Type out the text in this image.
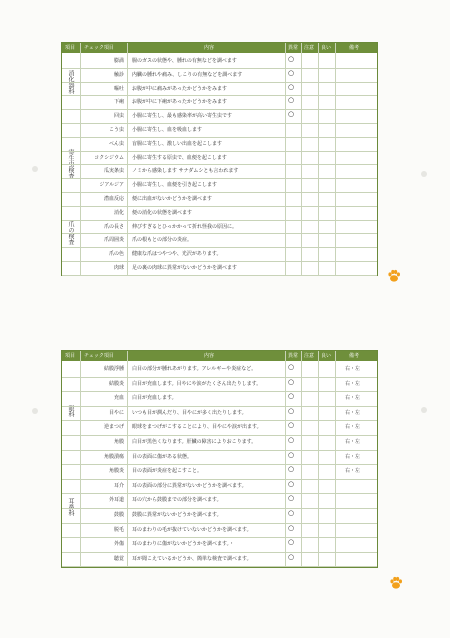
項目 チェック項目	内容	異常 注意 良い	備考
消化器科
寄生虫検査
爪の検査
膨満 腸のガスの状態や、腫れの有無などを調べます	○
触診 内臓の腫れや痛み、しこりの有無などを調べます	○
嘔吐 お腹が中に痛みがあったかどうかをみます	○
下痢 お腹が中に下痢があったかどうかをみます	○
回虫 小腸に寄生し、最も感染率が高い寄生虫です	○
こう虫 小腸に寄生し、血を吸血します
べん虫 盲腸に寄生し、激しい出血を起こします
コクシジウム 小腸に寄生する原虫で、血便を起こします
瓜実条虫 ノミから感染します サナダムシとも言われます
ジアルジア 小腸に寄生し、血便を引き起こします
潜血反応 便に出血がないかどうかを調べます
消化 便の消化の状態を調べます
爪の長さ 伸びすぎるとひっかかって折れ怪我の原因に。
爪周囲炎 爪の根もとの部分の炎症。
爪の色 健康な爪はつやつや、光沢があります。
肉球 足の裏の肉球に異常がないかどうかを調べます
項目 チェック項目	内容	異常 注意 良い	備考
眼科
耳鼻科
結膜浮腫 白目の部分が腫れあがります。アレルギーや炎症など。	○	右・左
結膜炎 白目が充血します。目やにや涙がたくさん出たりします。	○	右・左
充血 白目が充血します。	○	右・左
目やに いつも目が潤んだり、目やにが多く出たりします。	○	右・左
逆まつげ 眼球をまつげがこすることにより、目やにや涙が出ます。	○	右・左
角膜 白目が黒色くなります。肝臓の障害によりおこります。	○	右・左
角膜潰瘍 目の表面に傷がある状態。	○	右・左
角膜炎 目の表面が炎症を起こすこと。	○	右・左
耳介 耳の表面の部分に異常がないかどうかを調べます。	○
外耳道 耳の穴から鼓膜までの部分を調べます。	○
鼓膜 鼓膜に異常がないかどうかを調べます。	○
脱毛 耳のまわりの毛が抜けていないかどうかを調べます。	○
外傷 耳のまわりに傷がないかどうかを調べます。・	○
聴覚 耳が聞こえているかどうか、簡単な検査で調べます。	○
